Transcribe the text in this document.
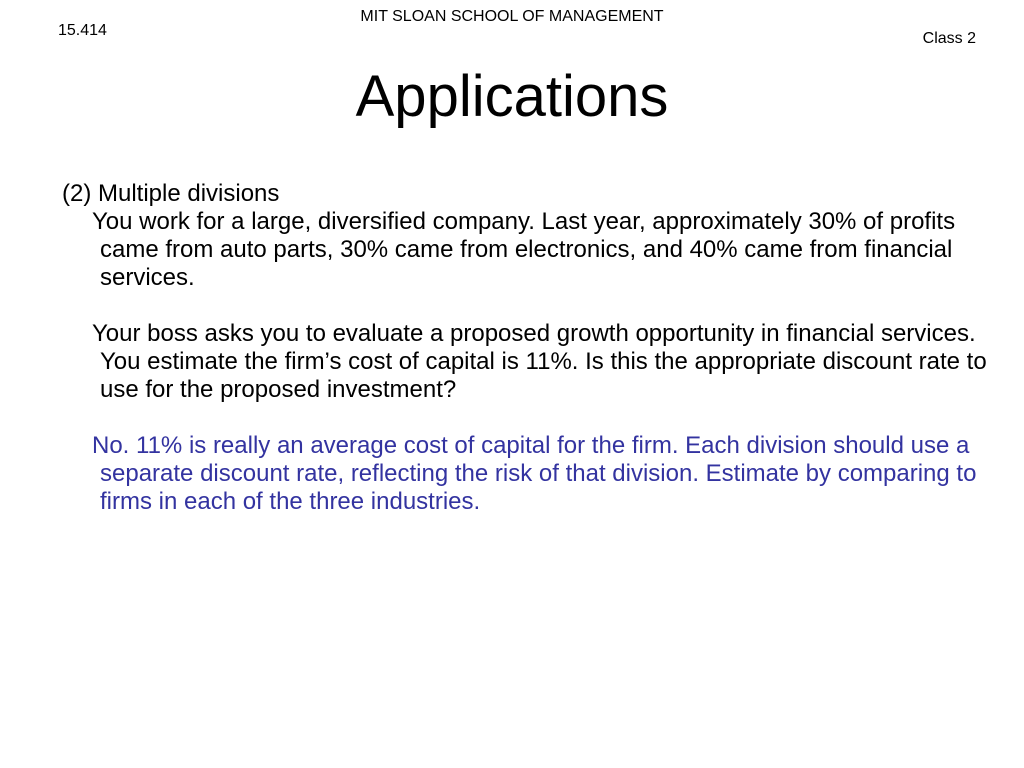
MIT SLOAN SCHOOL OF MANAGEMENT
15.414	Class 2
Applications

(2) Multiple divisions

You work for a large, diversified company. Last year, approximately 30% of profits came from auto parts, 30% came from electronics, and 40% came from financial services.

Your boss asks you to evaluate a proposed growth opportunity in financial services. You estimate the firm’s cost of capital is 11%. Is this the appropriate discount rate to use for the proposed investment?

No. 11% is really an average cost of capital for the firm. Each division should use a separate discount rate, reflecting the risk of that division. Estimate by comparing to firms in each of the three industries.
